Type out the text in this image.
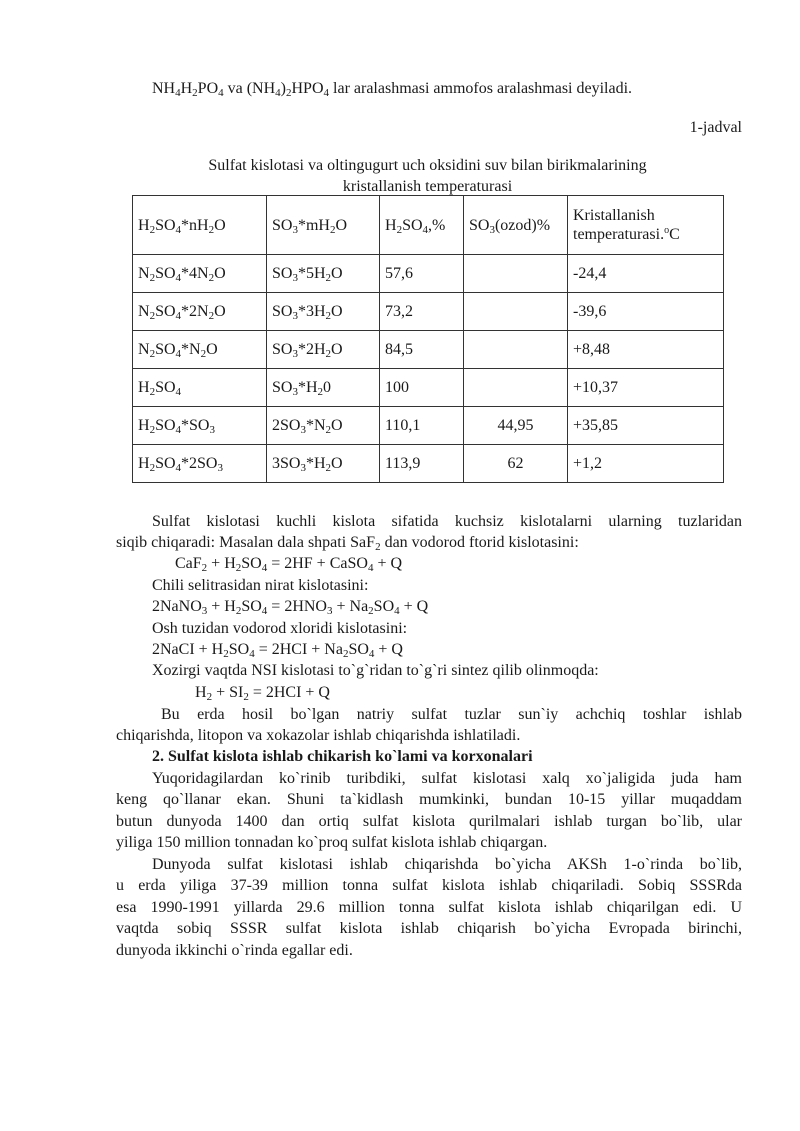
$NH_4H_2PO_4$ va $(NH_4)_2HPO_4$ lar aralashmasi ammofos aralashmasi deyiladi.
1-jadval
Sulfat kislotasi va oltingugurt uch oksidini suv bilan birikmalarining
kristallanish temperaturasi
$H_2SO_4*nH_2O$	$SO_3*mH_2O$	$H_2SO_4,\%$	$SO_3(ozod)\%$	Kristallanish
temperaturasi.$^o$C
$N_2SO_4*4N_2O$	$SO_3*5H_2O$	57,6		-24,4
$N_2SO_4*2N_2O$	$SO_3*3H_2O$	73,2		-39,6
$N_2SO_4*N_2O$	$SO_3*2H_2O$	84,5		+8,48
$H_2SO_4$	$SO_3*H_20$	100		+10,37
$H_2SO_4*SO_3$	$2SO_3*N_2O$	110,1	44,95	+35,85
$H_2SO_4*2SO_3$	$3SO_3*H_2O$	113,9	62	+1,2
Sulfat kislotasi kuchli kislota sifatida kuchsiz kislotalarni ularning tuzlaridan
siqib chiqaradi: Masalan dala shpati SaF$_2$ dan vodorod ftorid kislotasini:
$CaF_2 + H_2SO_4 = 2HF$ + CaSO$_4$ + Q
Chili selitrasidan nirat kislotasini:
2NaNO$_3$ + $H_2SO_4 = 2HNO_3 + Na_2SO_4 + Q$
Osh tuzidan vodorod xloridi kislotasini:
2NaCI + $H_2SO_4 = 2HCI + Na_2SO_4 + Q$
Xozirgi vaqtda NSI kislotasi to`g`ridan to`g`ri sintez qilib olinmoqda:
$H_2 + SI_2 = 2HCI + Q$
Bu erda hosil bo`lgan natriy sulfat tuzlar sun`iy achchiq toshlar ishlab
chiqarishda, litopon va xokazolar ishlab chiqarishda ishlatiladi.
2. Sulfat kislota ishlab chikarish ko`lami va korxonalari
Yuqoridagilardan ko`rinib turibdiki, sulfat kislotasi xalq xo`jaligida juda ham
keng qo`llanar ekan. Shuni ta`kidlash mumkinki, bundan 10-15 yillar muqaddam
butun dunyoda 1400 dan ortiq sulfat kislota qurilmalari ishlab turgan bo`lib, ular
yiliga 150 million tonnadan ko`proq sulfat kislota ishlab chiqargan.
Dunyoda sulfat kislotasi ishlab chiqarishda bo`yicha AKSh 1-o`rinda bo`lib,
u erda yiliga 37-39 million tonna sulfat kislota ishlab chiqariladi. Sobiq SSSRda
esa 1990-1991 yillarda 29.6 million tonna sulfat kislota ishlab chiqarilgan edi. U
vaqtda sobiq SSSR sulfat kislota ishlab chiqarish bo`yicha Evropada birinchi,
dunyoda ikkinchi o`rinda egallar edi.
